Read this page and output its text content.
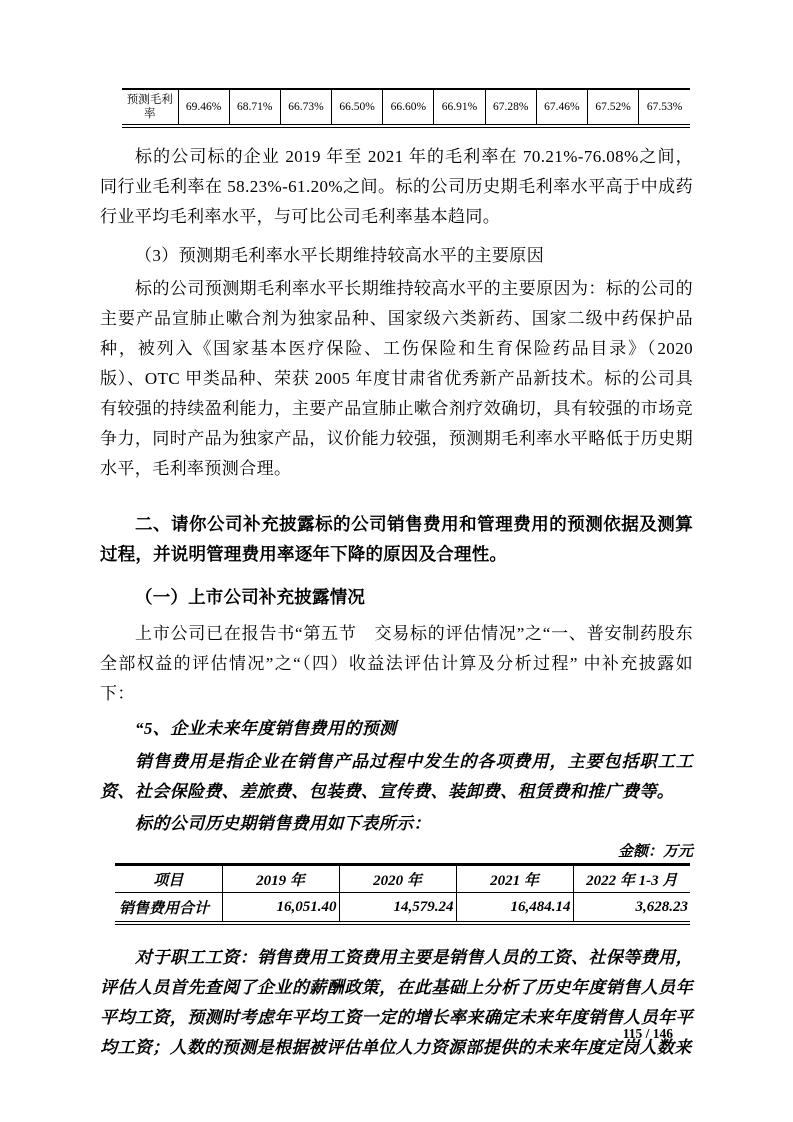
预测毛利率	69.46%	68.71%	66.73%	66.50%	66.60%	66.91%	67.28%	67.46%	67.52%	67.53%

标的公司标的企业 2019 年至 2021 年的毛利率在 70.21%-76.08%之间，同行业毛利率在 58.23%-61.20%之间。标的公司历史期毛利率水平高于中成药行业平均毛利率水平，与可比公司毛利率基本趋同。

（3）预测期毛利率水平长期维持较高水平的主要原因

标的公司预测期毛利率水平长期维持较高水平的主要原因为：标的公司的主要产品宣肺止嗽合剂为独家品种、国家级六类新药、国家二级中药保护品种，被列入《国家基本医疗保险、工伤保险和生育保险药品目录》（2020 版）、OTC 甲类品种、荣获 2005 年度甘肃省优秀新产品新技术。标的公司具有较强的持续盈利能力，主要产品宣肺止嗽合剂疗效确切，具有较强的市场竞争力，同时产品为独家产品，议价能力较强，预测期毛利率水平略低于历史期水平，毛利率预测合理。

二、请你公司补充披露标的公司销售费用和管理费用的预测依据及测算过程，并说明管理费用率逐年下降的原因及合理性。

（一）上市公司补充披露情况

上市公司已在报告书“第五节　交易标的评估情况”之“一、普安制药股东全部权益的评估情况”之“（四）收益法评估计算及分析过程” 中补充披露如下：

“5、企业未来年度销售费用的预测

销售费用是指企业在销售产品过程中发生的各项费用，主要包括职工工资、社会保险费、差旅费、包装费、宣传费、装卸费、租赁费和推广费等。

标的公司历史期销售费用如下表所示：

金额：万元

项目	2019 年	2020 年	2021 年	2022 年 1-3 月
销售费用合计	16,051.40	14,579.24	16,484.14	3,628.23

对于职工工资：销售费用工资费用主要是销售人员的工资、社保等费用，评估人员首先查阅了企业的薪酬政策，在此基础上分析了历史年度销售人员年平均工资，预测时考虑年平均工资一定的增长率来确定未来年度销售人员年平均工资；人数的预测是根据被评估单位人力资源部提供的未来年度定岗人数来

115 / 146
